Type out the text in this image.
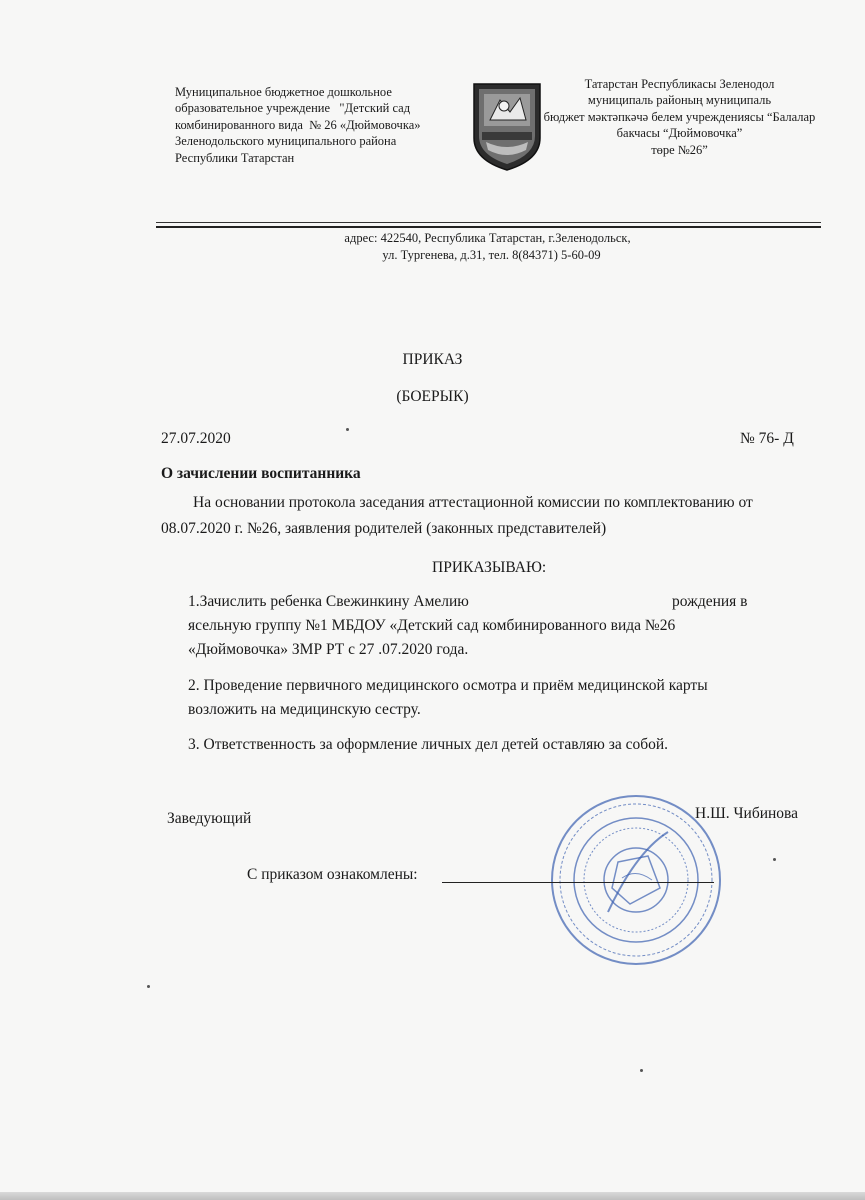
Муниципальное бюджетное дошкольное
образовательное учреждение   "Детский сад
комбинированного вида  № 26 «Дюймовочка»
Зеленодольского муниципального района
Республики Татарстан
Татарстан Республикасы Зеленодол
муниципаль районың муниципаль
бюджет мәктәпкәчә белем учреждениясы “Балалар
бакчасы “Дюймовочка”
төре №26”
адрес: 422540, Республика Татарстан, г.Зеленодольск,
ул. Тургенева, д.31, тел. 8(84371) 5-60-09
ПРИКАЗ
(БОЕРЫК)
27.07.2020	№ 76- Д
О зачислении воспитанника
На основании протокола заседания аттестационной комиссии по комплектованию от
08.07.2020 г. №26, заявления родителей (законных представителей)
ПРИКАЗЫВАЮ:
1.Зачислить ребенка Свежинкину Амелию	рождения в
ясельную группу №1 МБДОУ «Детский сад комбинированного вида №26
«Дюймовочка» ЗМР РТ с 27 .07.2020 года.
2. Проведение первичного медицинского осмотра и приём медицинской карты
возложить на медицинскую сестру.
3. Ответственность за оформление личных дел детей оставляю за собой.
Заведующий	Н.Ш. Чибинова
С приказом ознакомлены:
